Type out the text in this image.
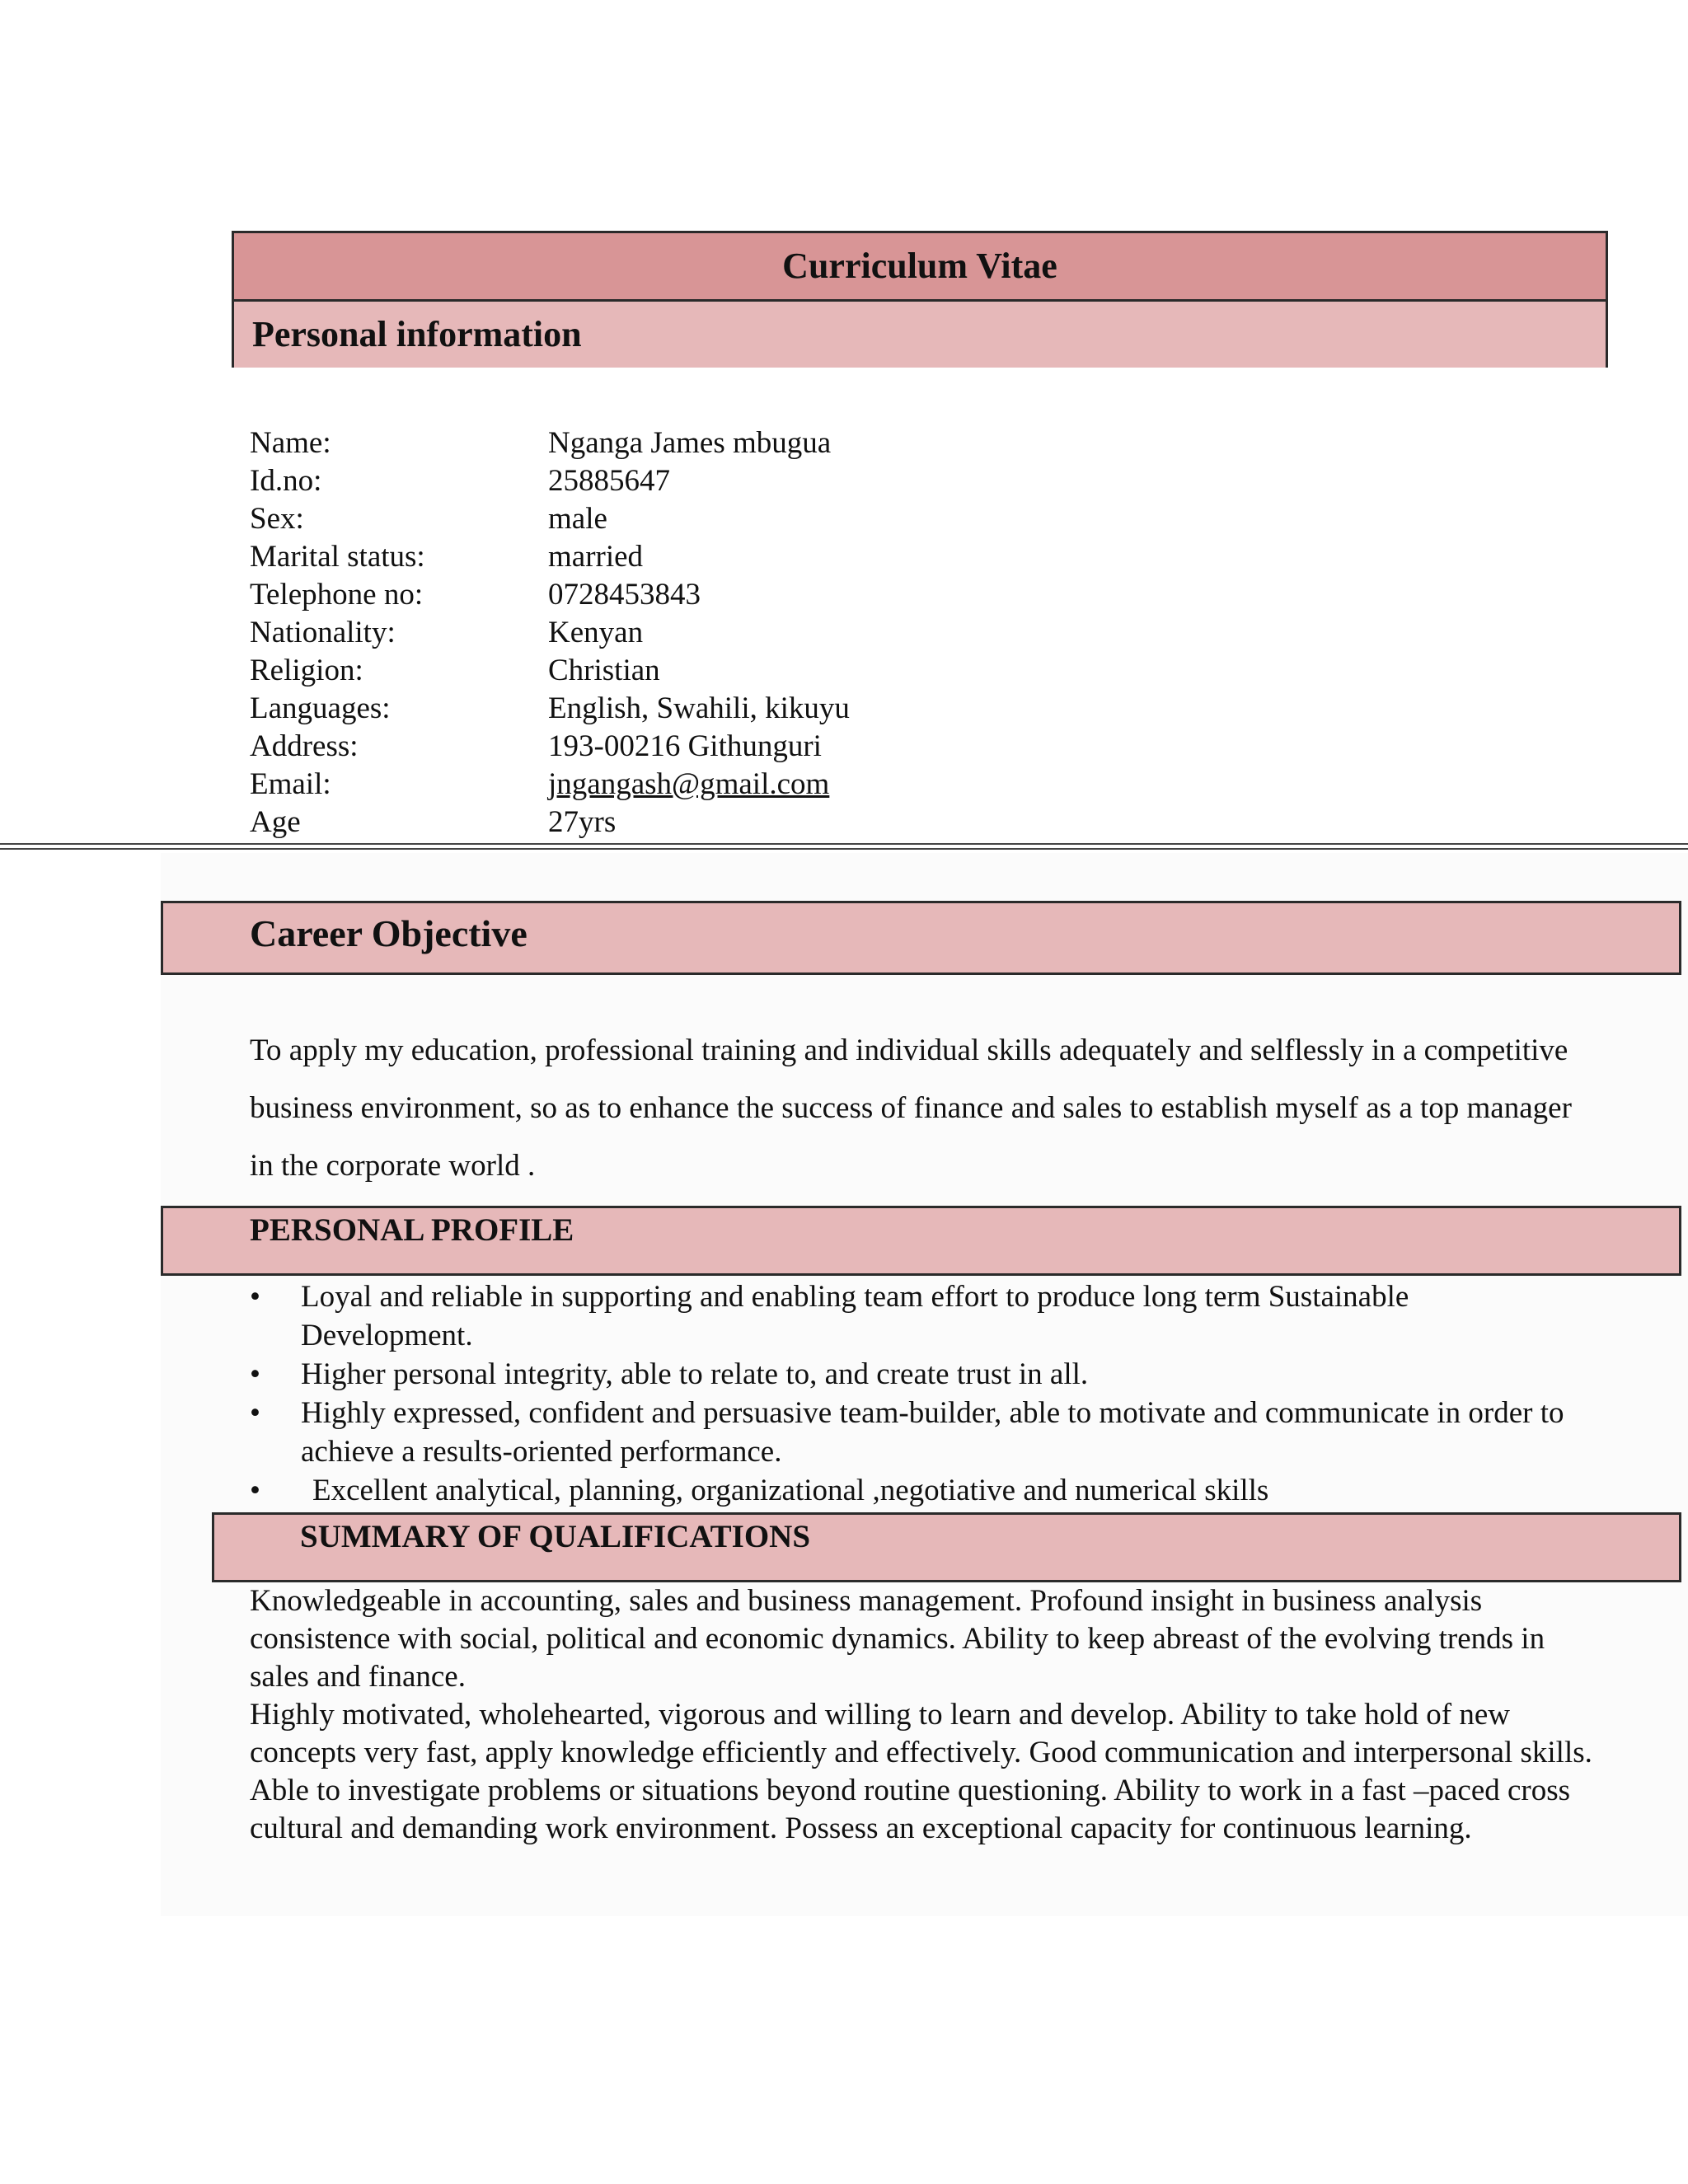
Curriculum Vitae
Personal information
Name:	Nganga James mbugua
Id.no:	25885647
Sex:	male
Marital status:	married
Telephone no:	0728453843
Nationality:	Kenyan
Religion:	Christian
Languages:	English, Swahili, kikuyu
Address:	193-00216 Githunguri
Email:	jngangash@gmail.com
Age	27yrs
Career Objective
To apply my education, professional training and individual skills adequately and selflessly in a competitive business environment, so as to enhance the success of finance and sales to establish myself as a top manager in the corporate world .
PERSONAL PROFILE
• Loyal and reliable in supporting and enabling team effort to produce long term Sustainable Development.
• Higher personal integrity, able to relate to, and create trust in all.
• Highly expressed, confident and persuasive team-builder, able to motivate and communicate in order to achieve a results-oriented performance.
• Excellent analytical, planning, organizational ,negotiative and numerical skills
SUMMARY OF QUALIFICATIONS

Knowledgeable in accounting, sales and business management. Profound insight in business analysis consistence with social, political and economic dynamics. Ability to keep abreast of the evolving trends in sales and finance.

Highly motivated, wholehearted, vigorous and willing to learn and develop. Ability to take hold of new concepts very fast, apply knowledge efficiently and effectively. Good communication and interpersonal skills. Able to investigate problems or situations beyond routine questioning. Ability to work in a fast –paced cross cultural and demanding work environment. Possess an exceptional capacity for continuous learning.
